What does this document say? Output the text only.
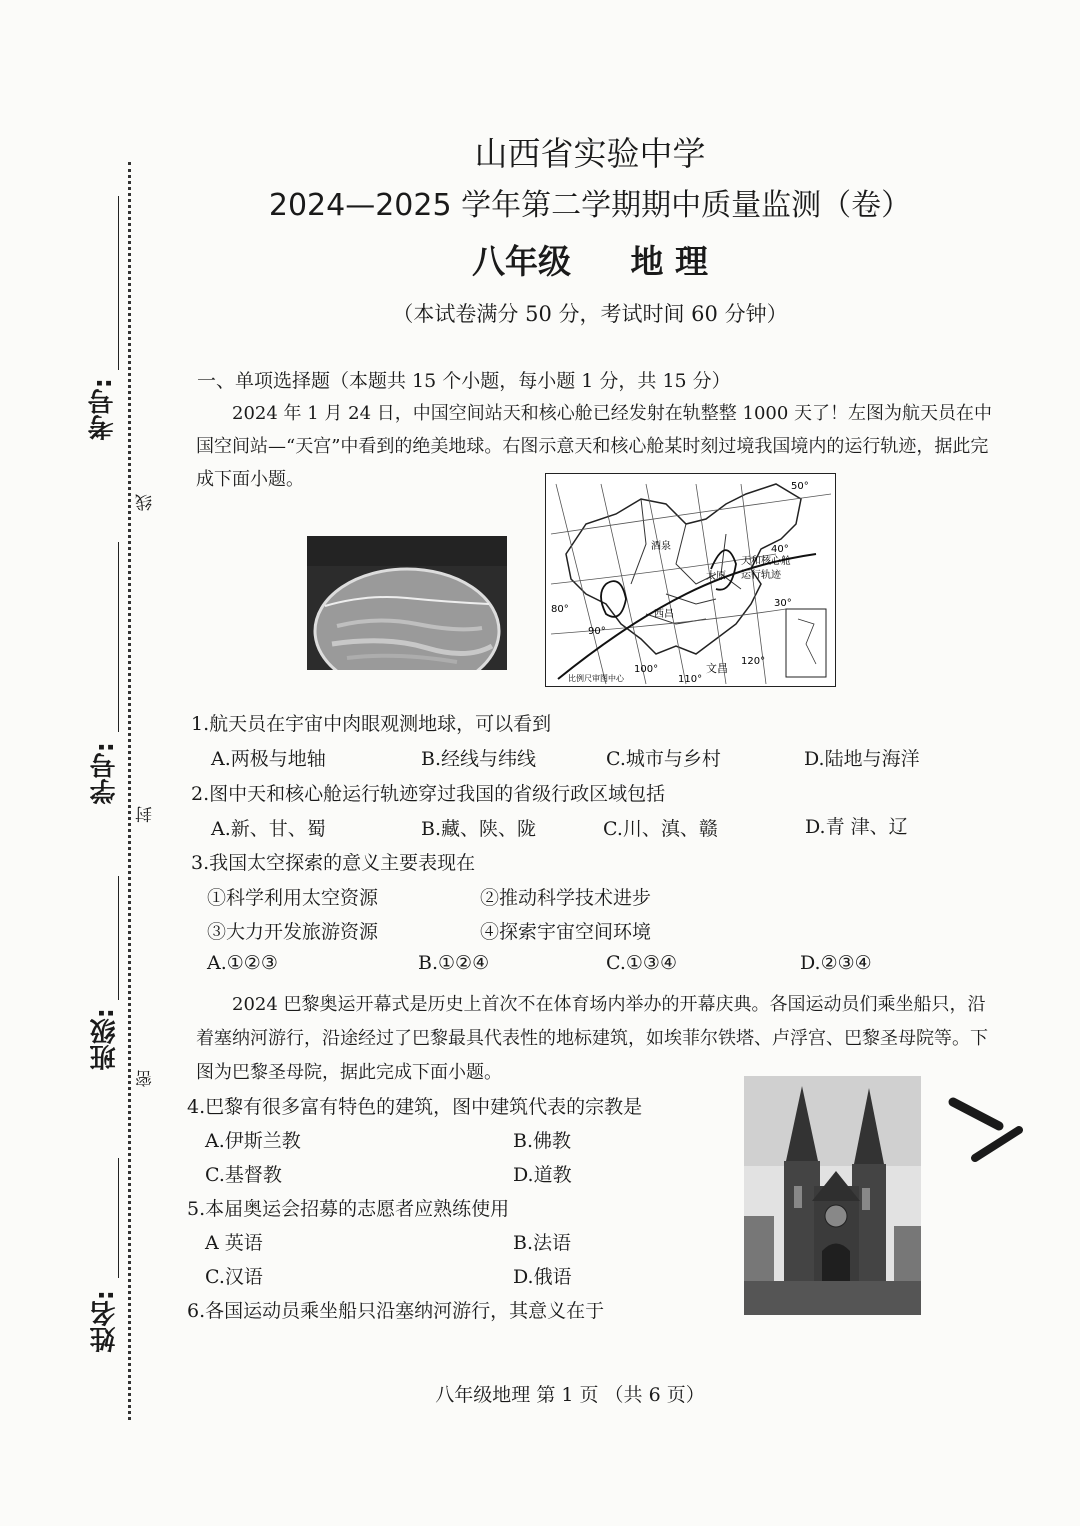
考号:
线
学号:
封
班级:
密
姓名:
山西省实验中学
2024—2025 学年第二学期期中质量监测（卷）
八年级 地 理
（本试卷满分 50 分，考试时间 60 分钟）
一、单项选择题（本题共 15 个小题，每小题 1 分，共 15 分）
2024 年 1 月 24 日，中国空间站天和核心舱已经发射在轨整整 1000 天了！左图为航天员在中国空间站—“天宫”中看到的绝美地球。右图示意天和核心舱某时刻过境我国境内的运行轨迹，据此完成下面小题。	50°
40°
30°
80°
90°
100°
110°
120°
酒泉
太原
西昌
文昌
天和核心舱
运行轨迹
比例尺审图中心
1.航天员在宇宙中肉眼观测地球，可以看到
A.两极与地轴	B.经线与纬线	C.城市与乡村	D.陆地与海洋
2.图中天和核心舱运行轨迹穿过我国的省级行政区域包括
A.新、甘、蜀	B.藏、陕、陇	C.川、滇、赣	D.青 津、辽
3.我国太空探索的意义主要表现在
①科学利用太空资源	②推动科学技术进步
③大力开发旅游资源	④探索宇宙空间环境
A.①②③	B.①②④	C.①③④	D.②③④
2024 巴黎奥运开幕式是历史上首次不在体育场内举办的开幕庆典。各国运动员们乘坐船只，沿着塞纳河游行，沿途经过了巴黎最具代表性的地标建筑，如埃菲尔铁塔、卢浮宫、巴黎圣母院等。下图为巴黎圣母院，据此完成下面小题。
4.巴黎有很多富有特色的建筑，图中建筑代表的宗教是
A.伊斯兰教	B.佛教
C.基督教	D.道教
5.本届奥运会招募的志愿者应熟练使用
A 英语	B.法语
C.汉语	D.俄语
6.各国运动员乘坐船只沿塞纳河游行，其意义在于
八年级地理 第 1 页 （共 6 页）
